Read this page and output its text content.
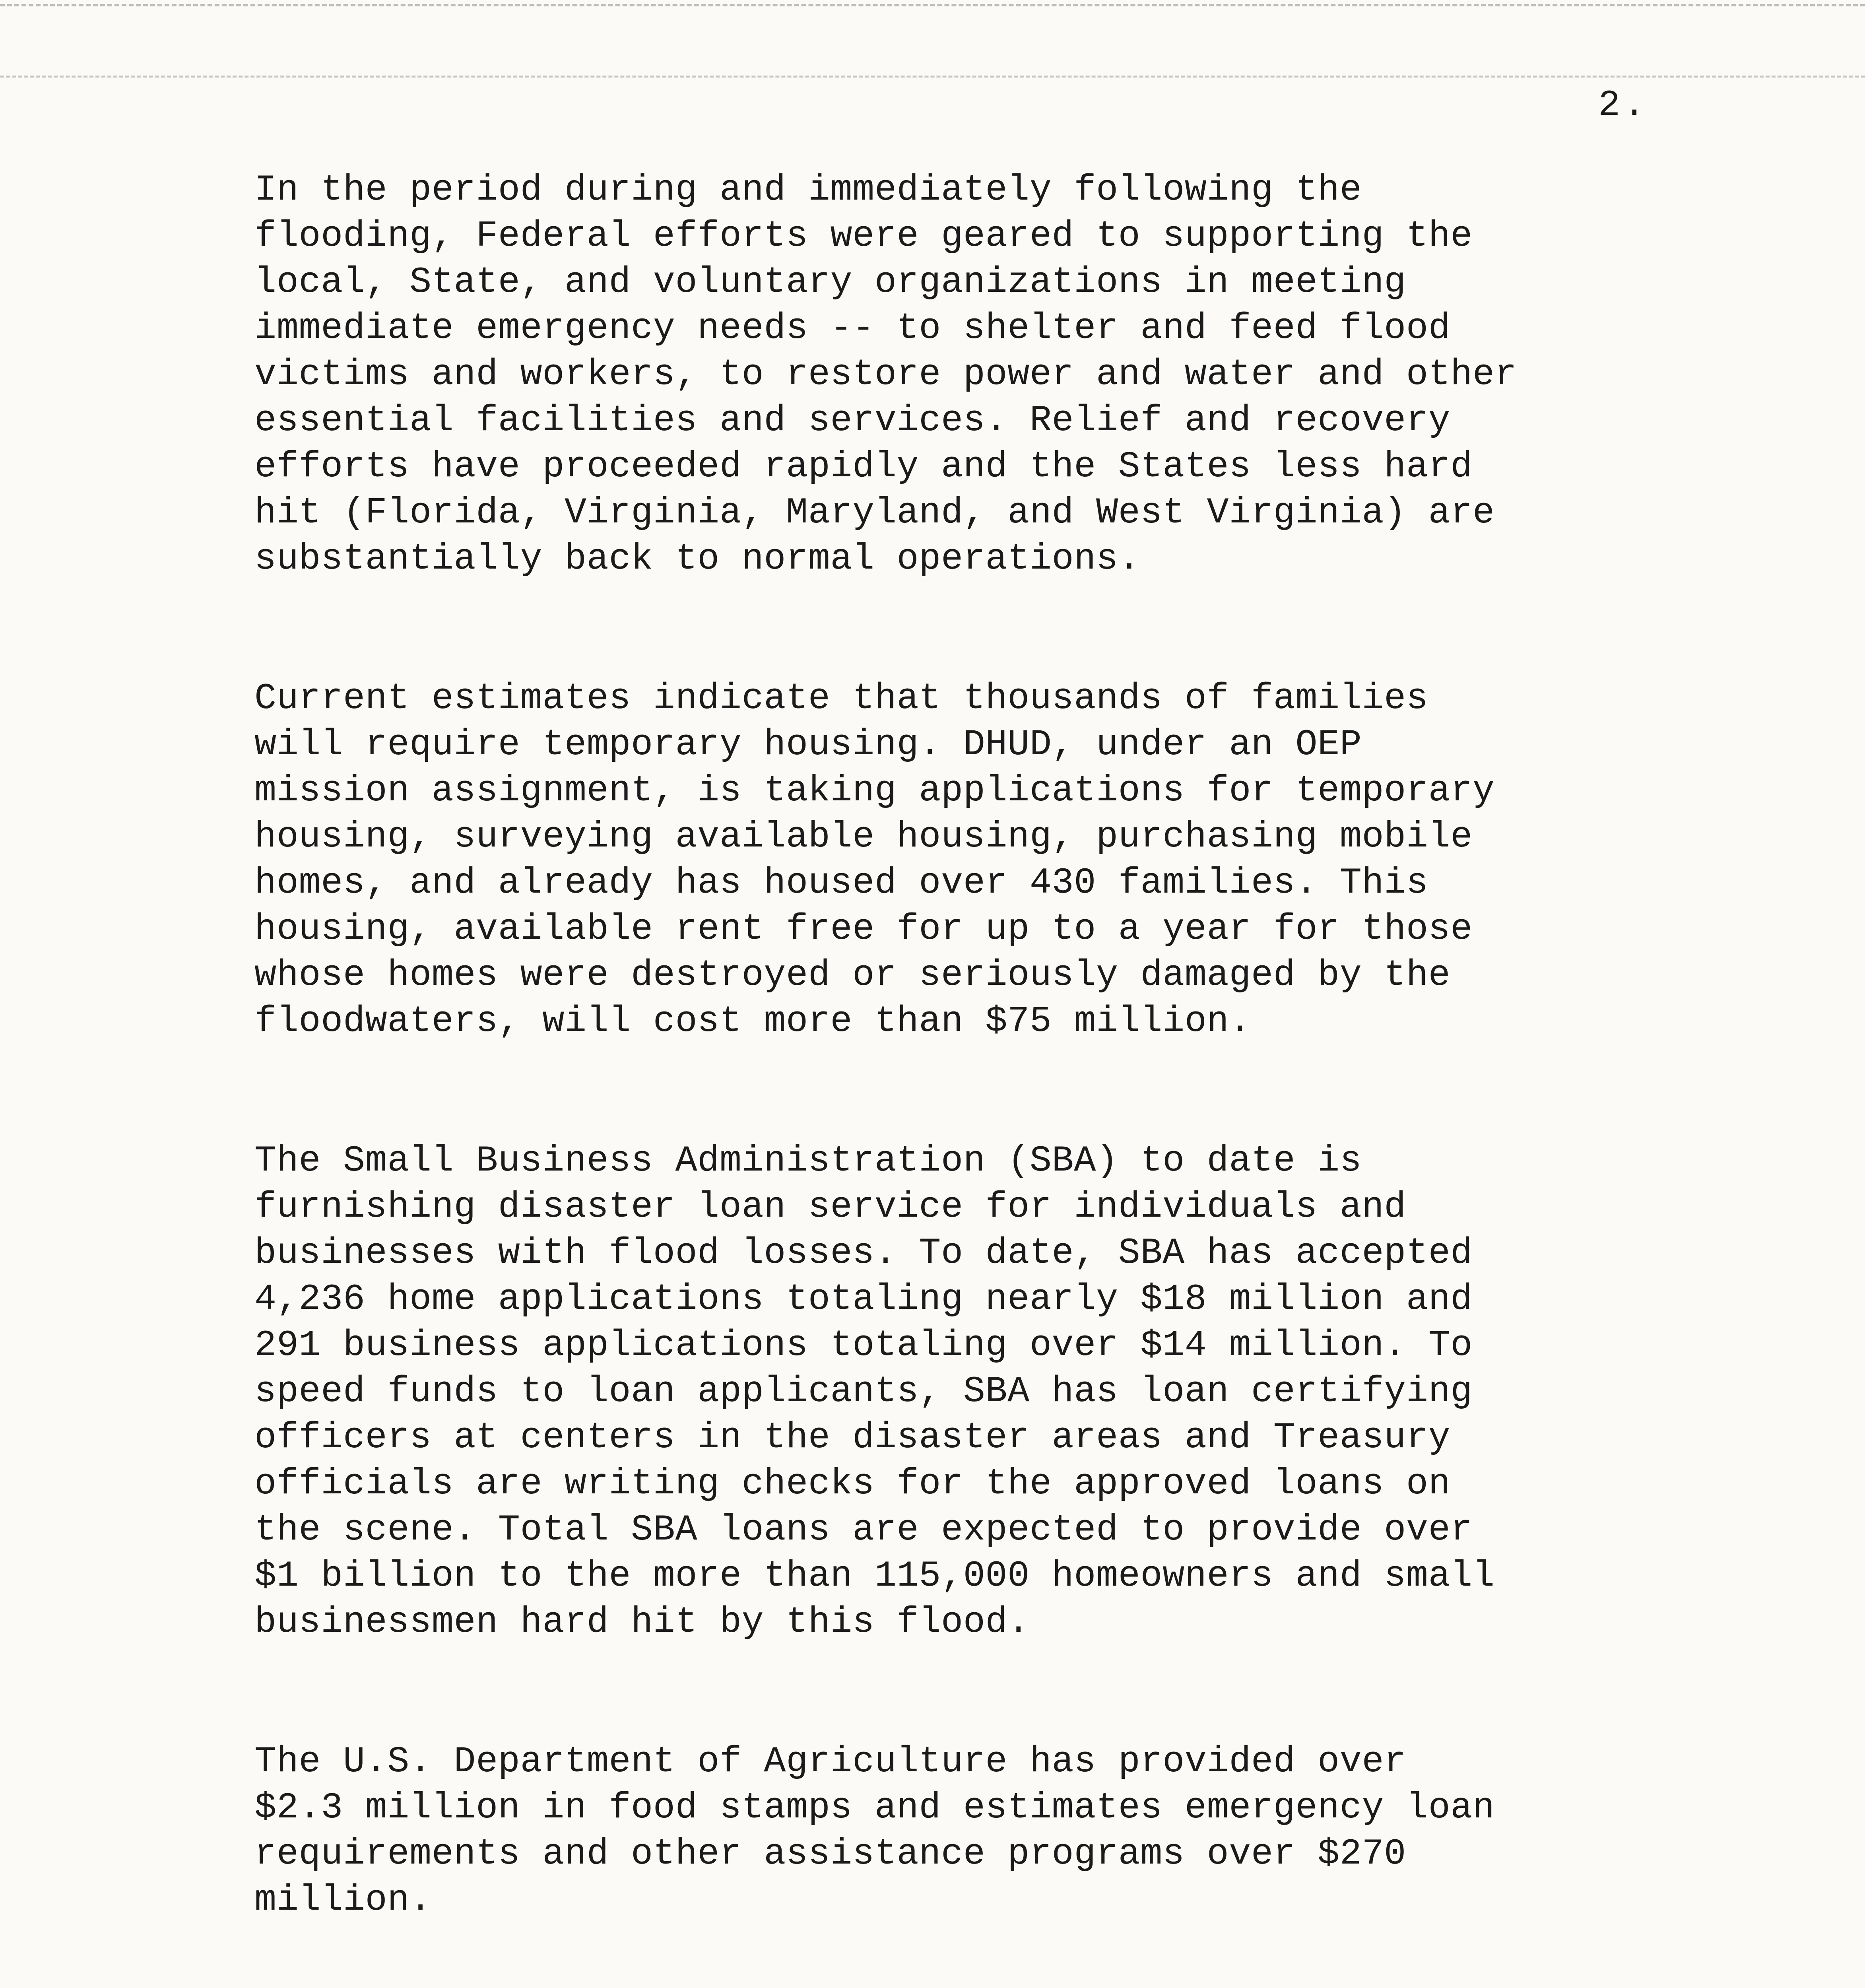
2.

In the period during and immediately following the
flooding, Federal efforts were geared to supporting the
local, State, and voluntary organizations in meeting
immediate emergency needs -- to shelter and feed flood
victims and workers, to restore power and water and other
essential facilities and services. Relief and recovery
efforts have proceeded rapidly and the States less hard
hit (Florida, Virginia, Maryland, and West Virginia) are
substantially back to normal operations.

Current estimates indicate that thousands of families
will require temporary housing. DHUD, under an OEP
mission assignment, is taking applications for temporary
housing, surveying available housing, purchasing mobile
homes, and already has housed over 430 families. This
housing, available rent free for up to a year for those
whose homes were destroyed or seriously damaged by the
floodwaters, will cost more than $75 million.

The Small Business Administration (SBA) to date is
furnishing disaster loan service for individuals and
businesses with flood losses. To date, SBA has accepted
4,236 home applications totaling nearly $18 million and
291 business applications totaling over $14 million. To
speed funds to loan applicants, SBA has loan certifying
officers at centers in the disaster areas and Treasury
officials are writing checks for the approved loans on
the scene. Total SBA loans are expected to provide over
$1 billion to the more than 115,000 homeowners and small
businessmen hard hit by this flood.

The U.S. Department of Agriculture has provided over
$2.3 million in food stamps and estimates emergency loan
requirements and other assistance programs over $270
million.
